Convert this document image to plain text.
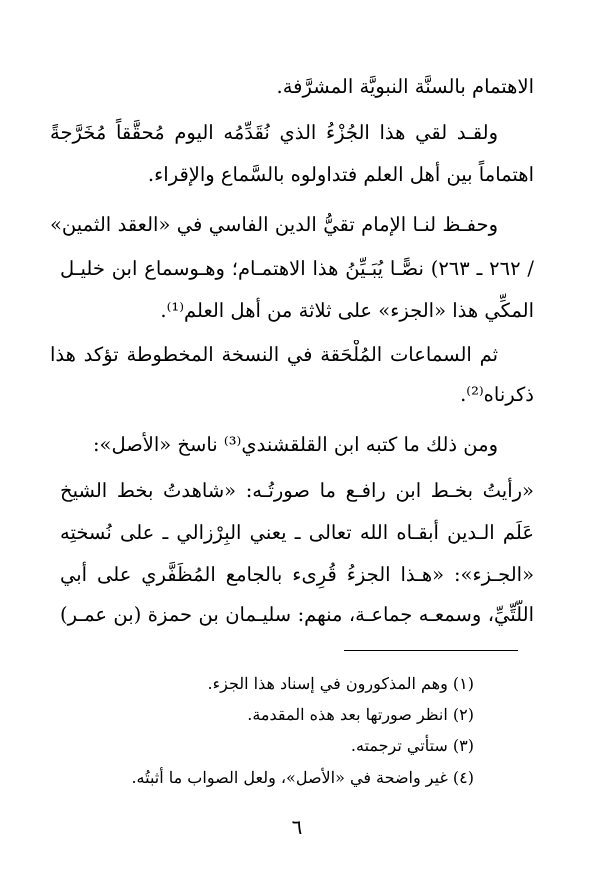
الاهتمام بالسنَّة النبويَّة المشرَّفة.
ولقـد لقي هذا الجُزْءُ الذي نُقَدِّمُه اليوم مُحقَّقاً مُخَرَّجةً
اهتماماً بين أهل العلم فتداولوه بالسَّماع والإقراء.
وحفـظ لنـا الإمام تقيُّ الدين الفاسي في «العقد الثمين»
/ ٢٦٢ ـ ٢٦٣) نصًّـا يُبَـيِّنُ هذا الاهتمـام؛ وهـوسماع ابن خليـل
المكِّي هذا «الجزء» على ثلاثة من أهل العلم⁽¹⁾.
ثم السماعات المُلْحَقة في النسخة المخطوطة تؤكد هذا
ذكرناه⁽²⁾.
ومن ذلك ما كتبه ابن القلقشندي⁽³⁾ ناسخ «الأصل»:
«رأيتُ بخـط ابن رافـع ما صورتُـه: «شاهدتُ بخط الشيخ
عَلَم الـدين أبقـاه الله تعالى ـ يعني البِرْزالي ـ على نُسختِه
«الجـزء»: «هـذا الجزءُ قُرِىء بالجامع المُظَفَّري على أبي
اللَّتِّيِّ، وسمعـه جماعـة، منهم: سليـمان بن حمزة (بن عمـر)
(١) وهم المذكورون في إسناد هذا الجزء.
(٢) انظر صورتها بعد هذه المقدمة.
(٣) ستأتي ترجمته.
(٤) غير واضحة في «الأصل»، ولعل الصواب ما أثبتُه.
٦
